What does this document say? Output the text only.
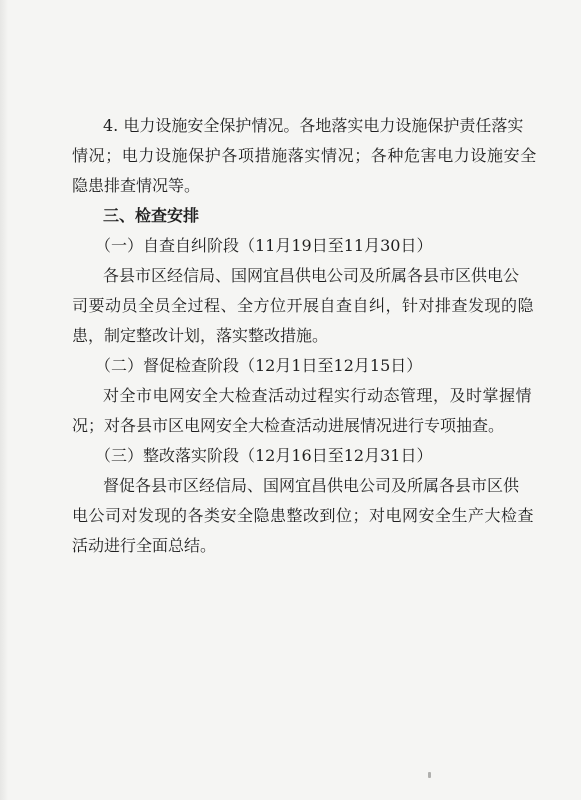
4. 电力设施安全保护情况。各地落实电力设施保护责任落实
情况；电力设施保护各项措施落实情况；各种危害电力设施安全
隐患排查情况等。
三、检查安排
（一）自查自纠阶段（11月19日至11月30日）
各县市区经信局、国网宜昌供电公司及所属各县市区供电公
司要动员全员全过程、全方位开展自查自纠，针对排查发现的隐
患，制定整改计划，落实整改措施。
（二）督促检查阶段（12月1日至12月15日）
对全市电网安全大检查活动过程实行动态管理，及时掌握情
况；对各县市区电网安全大检查活动进展情况进行专项抽查。
（三）整改落实阶段（12月16日至12月31日）
督促各县市区经信局、国网宜昌供电公司及所属各县市区供
电公司对发现的各类安全隐患整改到位；对电网安全生产大检查
活动进行全面总结。
